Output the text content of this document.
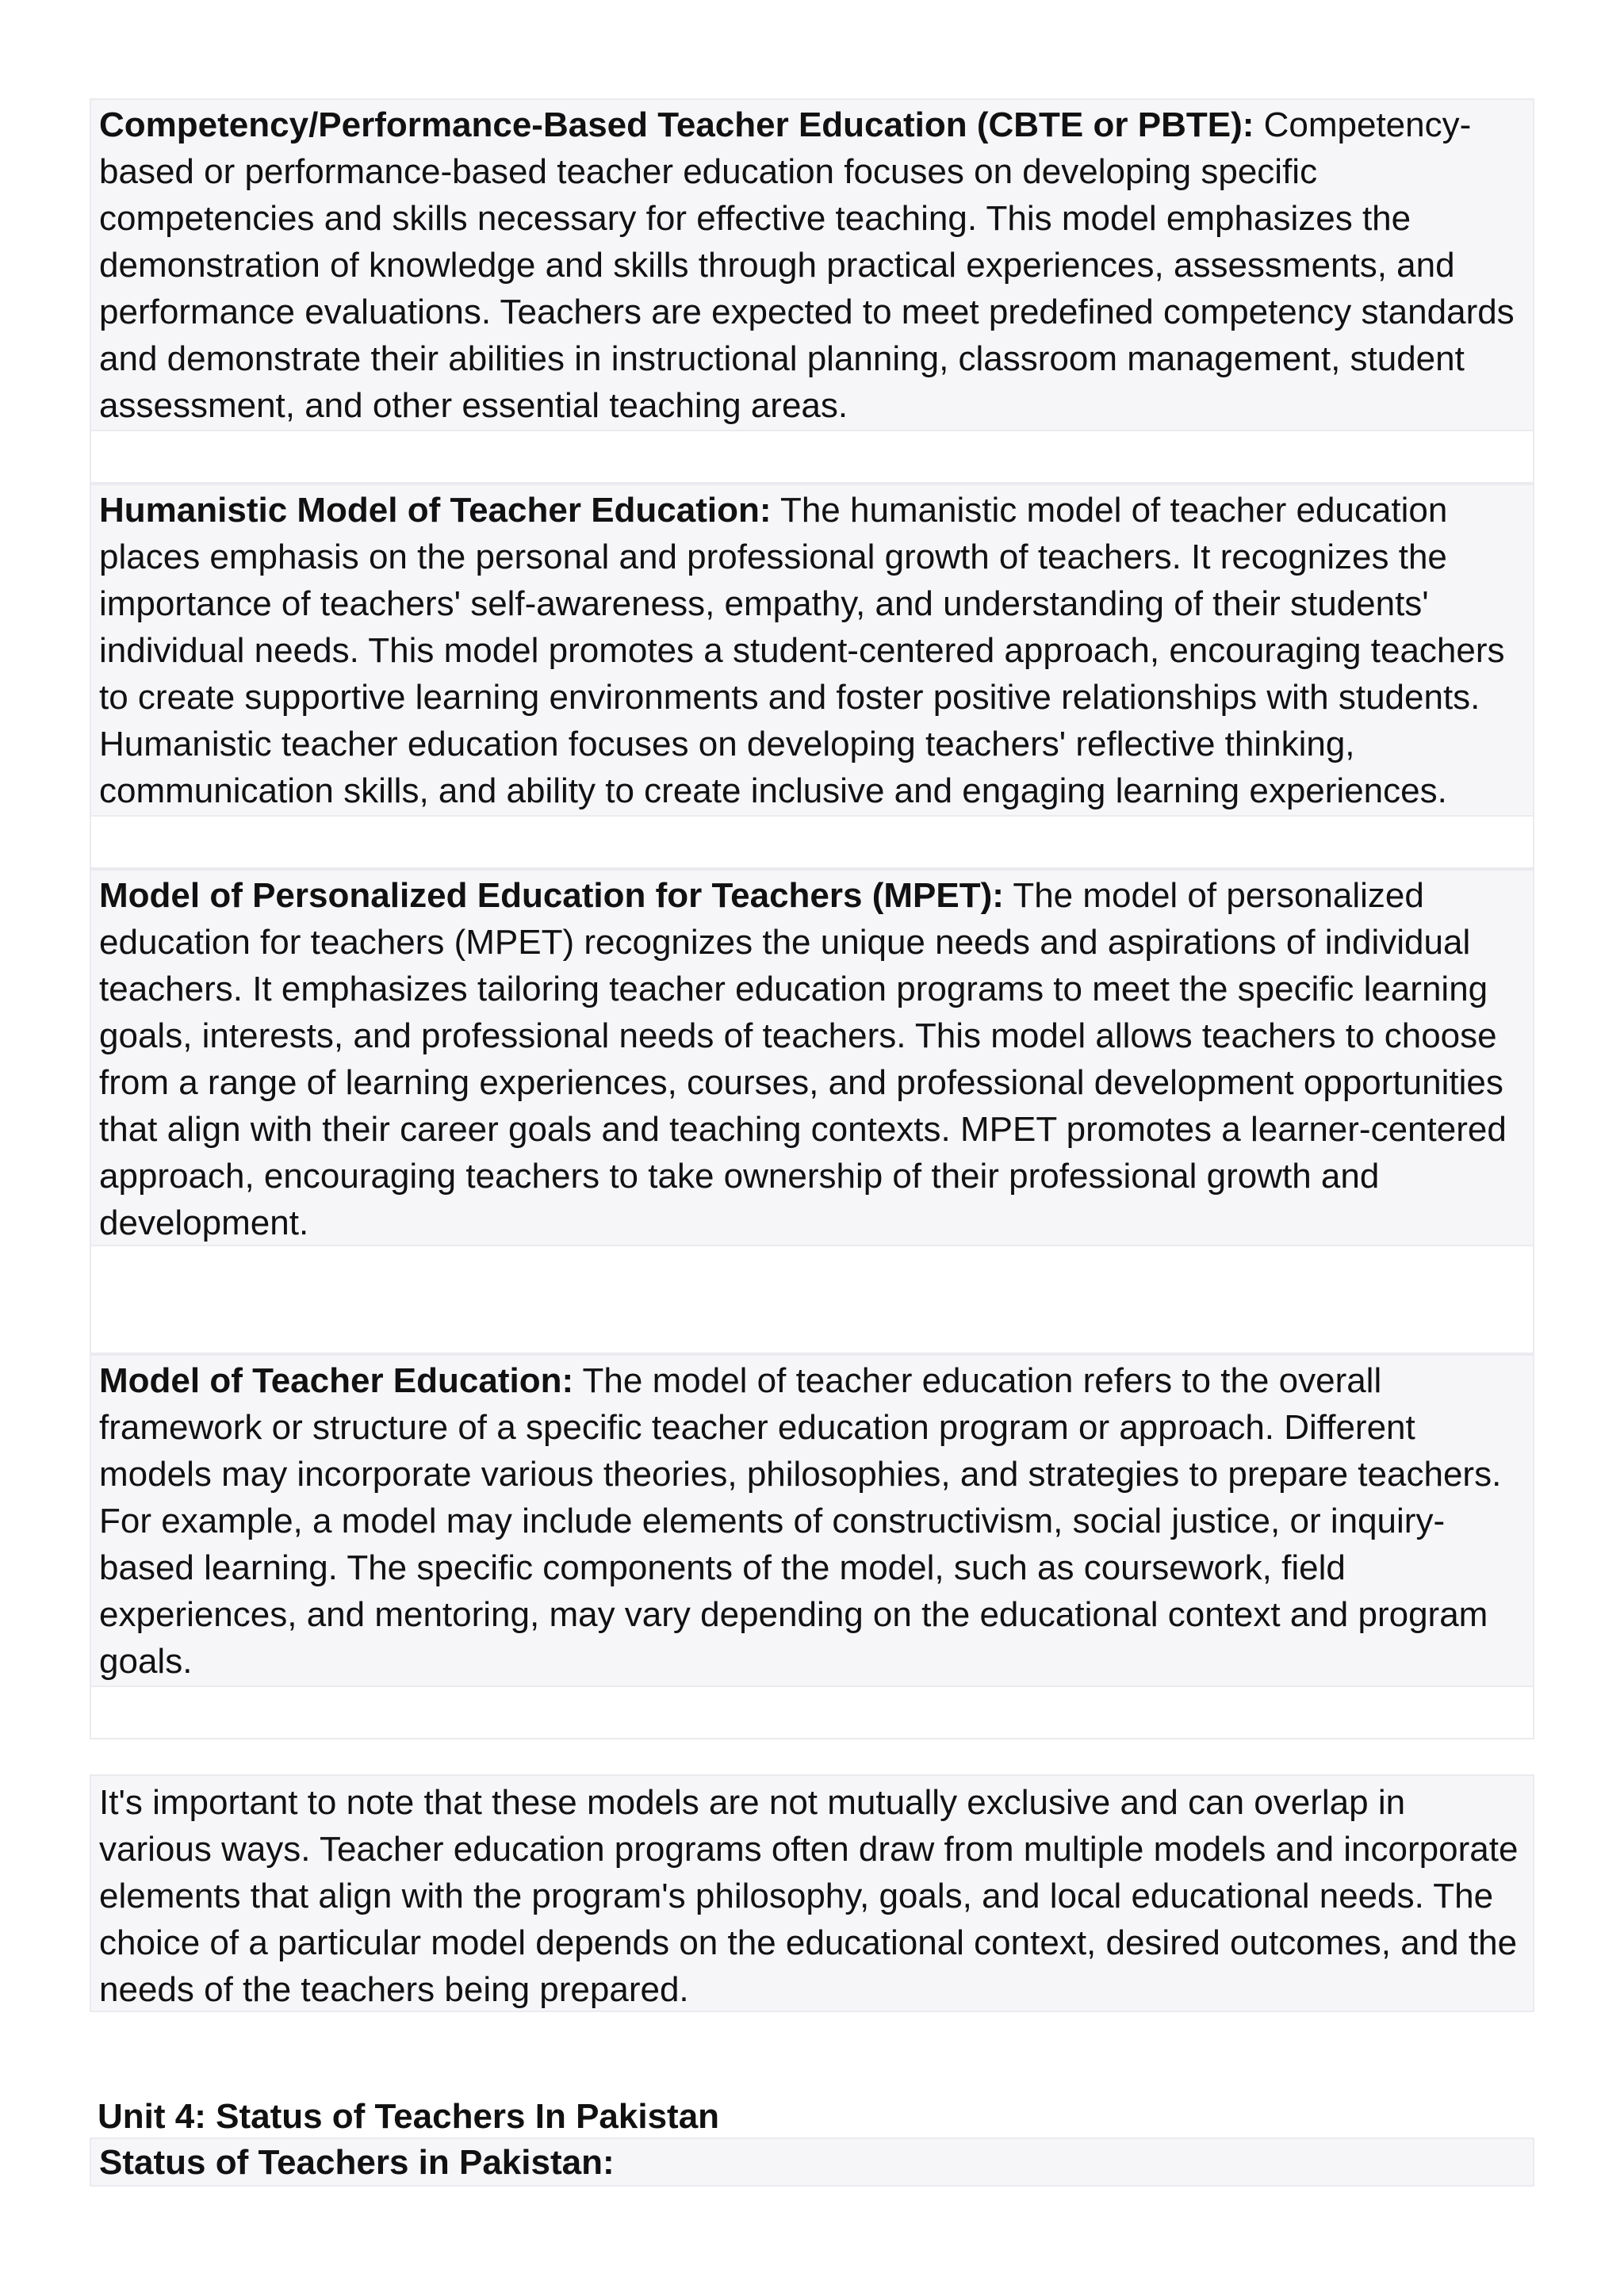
Competency/Performance-Based Teacher Education (CBTE or PBTE): Competency-based or performance-based teacher education focuses on developing specific competencies and skills necessary for effective teaching. This model emphasizes the demonstration of knowledge and skills through practical experiences, assessments, and performance evaluations. Teachers are expected to meet predefined competency standards and demonstrate their abilities in instructional planning, classroom management, student assessment, and other essential teaching areas.
Humanistic Model of Teacher Education: The humanistic model of teacher education places emphasis on the personal and professional growth of teachers. It recognizes the importance of teachers' self-awareness, empathy, and understanding of their students' individual needs. This model promotes a student-centered approach, encouraging teachers to create supportive learning environments and foster positive relationships with students. Humanistic teacher education focuses on developing teachers' reflective thinking, communication skills, and ability to create inclusive and engaging learning experiences.
Model of Personalized Education for Teachers (MPET): The model of personalized education for teachers (MPET) recognizes the unique needs and aspirations of individual teachers. It emphasizes tailoring teacher education programs to meet the specific learning goals, interests, and professional needs of teachers. This model allows teachers to choose from a range of learning experiences, courses, and professional development opportunities that align with their career goals and teaching contexts. MPET promotes a learner-centered approach, encouraging teachers to take ownership of their professional growth and development.
Model of Teacher Education: The model of teacher education refers to the overall framework or structure of a specific teacher education program or approach. Different models may incorporate various theories, philosophies, and strategies to prepare teachers. For example, a model may include elements of constructivism, social justice, or inquiry-based learning. The specific components of the model, such as coursework, field experiences, and mentoring, may vary depending on the educational context and program goals.
It's important to note that these models are not mutually exclusive and can overlap in various ways. Teacher education programs often draw from multiple models and incorporate elements that align with the program's philosophy, goals, and local educational needs. The choice of a particular model depends on the educational context, desired outcomes, and the needs of the teachers being prepared.
Unit 4: Status of Teachers In Pakistan
Status of Teachers in Pakistan:
